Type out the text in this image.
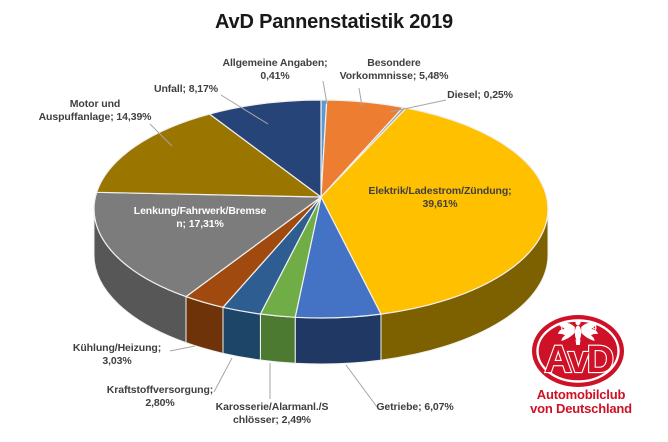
AvD Pannenstatistik 2019
18 99
AvD
Allgemeine Angaben;
0,41%
Besondere
Vorkommnisse; 5,48%
Diesel; 0,25%
Elektrik/Ladestrom/Zündung;
39,61%
Getriebe; 6,07%
Karosserie/Alarmanl./S
chlösser; 2,49%
Kraftstoffversorgung;
2,80%
Kühlung/Heizung;
3,03%
Lenkung/Fahrwerk/Bremse
n; 17,31%
Motor und
Auspuffanlage; 14,39%
Unfall; 8,17%
Automobilclub
von Deutschland
